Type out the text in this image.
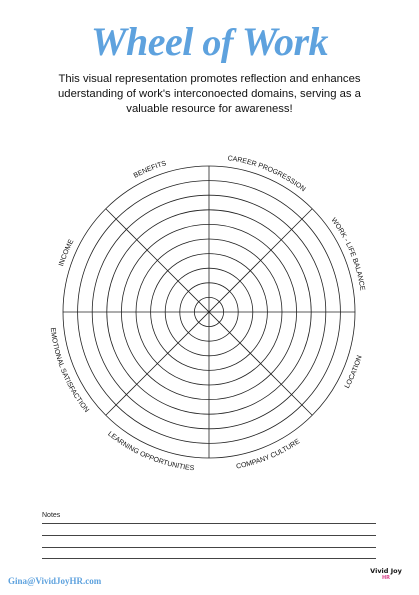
Wheel of Work
This visual representation promotes reflection and enhances uderstanding of work's interconoected domains, serving as a valuable resource for awareness!
CAREER PROGRESSION
WORK - LIFE BALANCE
LOCATION
COMPANY CULTURE
LEARNING OPPORTUNITIES
EMOTIONAL SATISFACTION
INCOME
BENEFITS
Notes
Gina@VividJoyHR.com
Vivid Joy
HR
